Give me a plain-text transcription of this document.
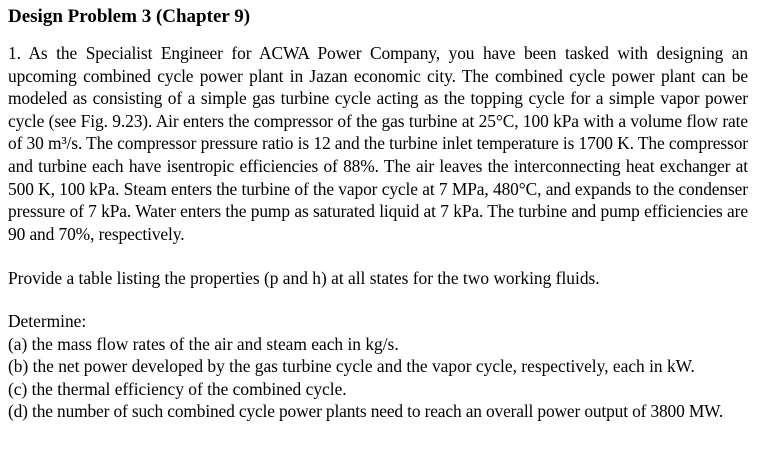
Design Problem 3 (Chapter 9)

1. As the Specialist Engineer for ACWA Power Company, you have been tasked with designing an upcoming combined cycle power plant in Jazan economic city. The combined cycle power plant can be modeled as consisting of a simple gas turbine cycle acting as the topping cycle for a simple vapor power cycle (see Fig. 9.23). Air enters the compressor of the gas turbine at 25°C, 100 kPa with a volume flow rate of 30 m³/s. The compressor pressure ratio is 12 and the turbine inlet temperature is 1700 K. The compressor and turbine each have isentropic efficiencies of 88%. The air leaves the interconnecting heat exchanger at 500 K, 100 kPa. Steam enters the turbine of the vapor cycle at 7 MPa, 480°C, and expands to the condenser pressure of 7 kPa. Water enters the pump as saturated liquid at 7 kPa. The turbine and pump efficiencies are 90 and 70%, respectively.

Provide a table listing the properties (p and h) at all states for the two working fluids.

Determine:

(a) the mass flow rates of the air and steam each in kg/s.

(b) the net power developed by the gas turbine cycle and the vapor cycle, respectively, each in kW.

(c) the thermal efficiency of the combined cycle.

(d) the number of such combined cycle power plants need to reach an overall power output of 3800 MW.
